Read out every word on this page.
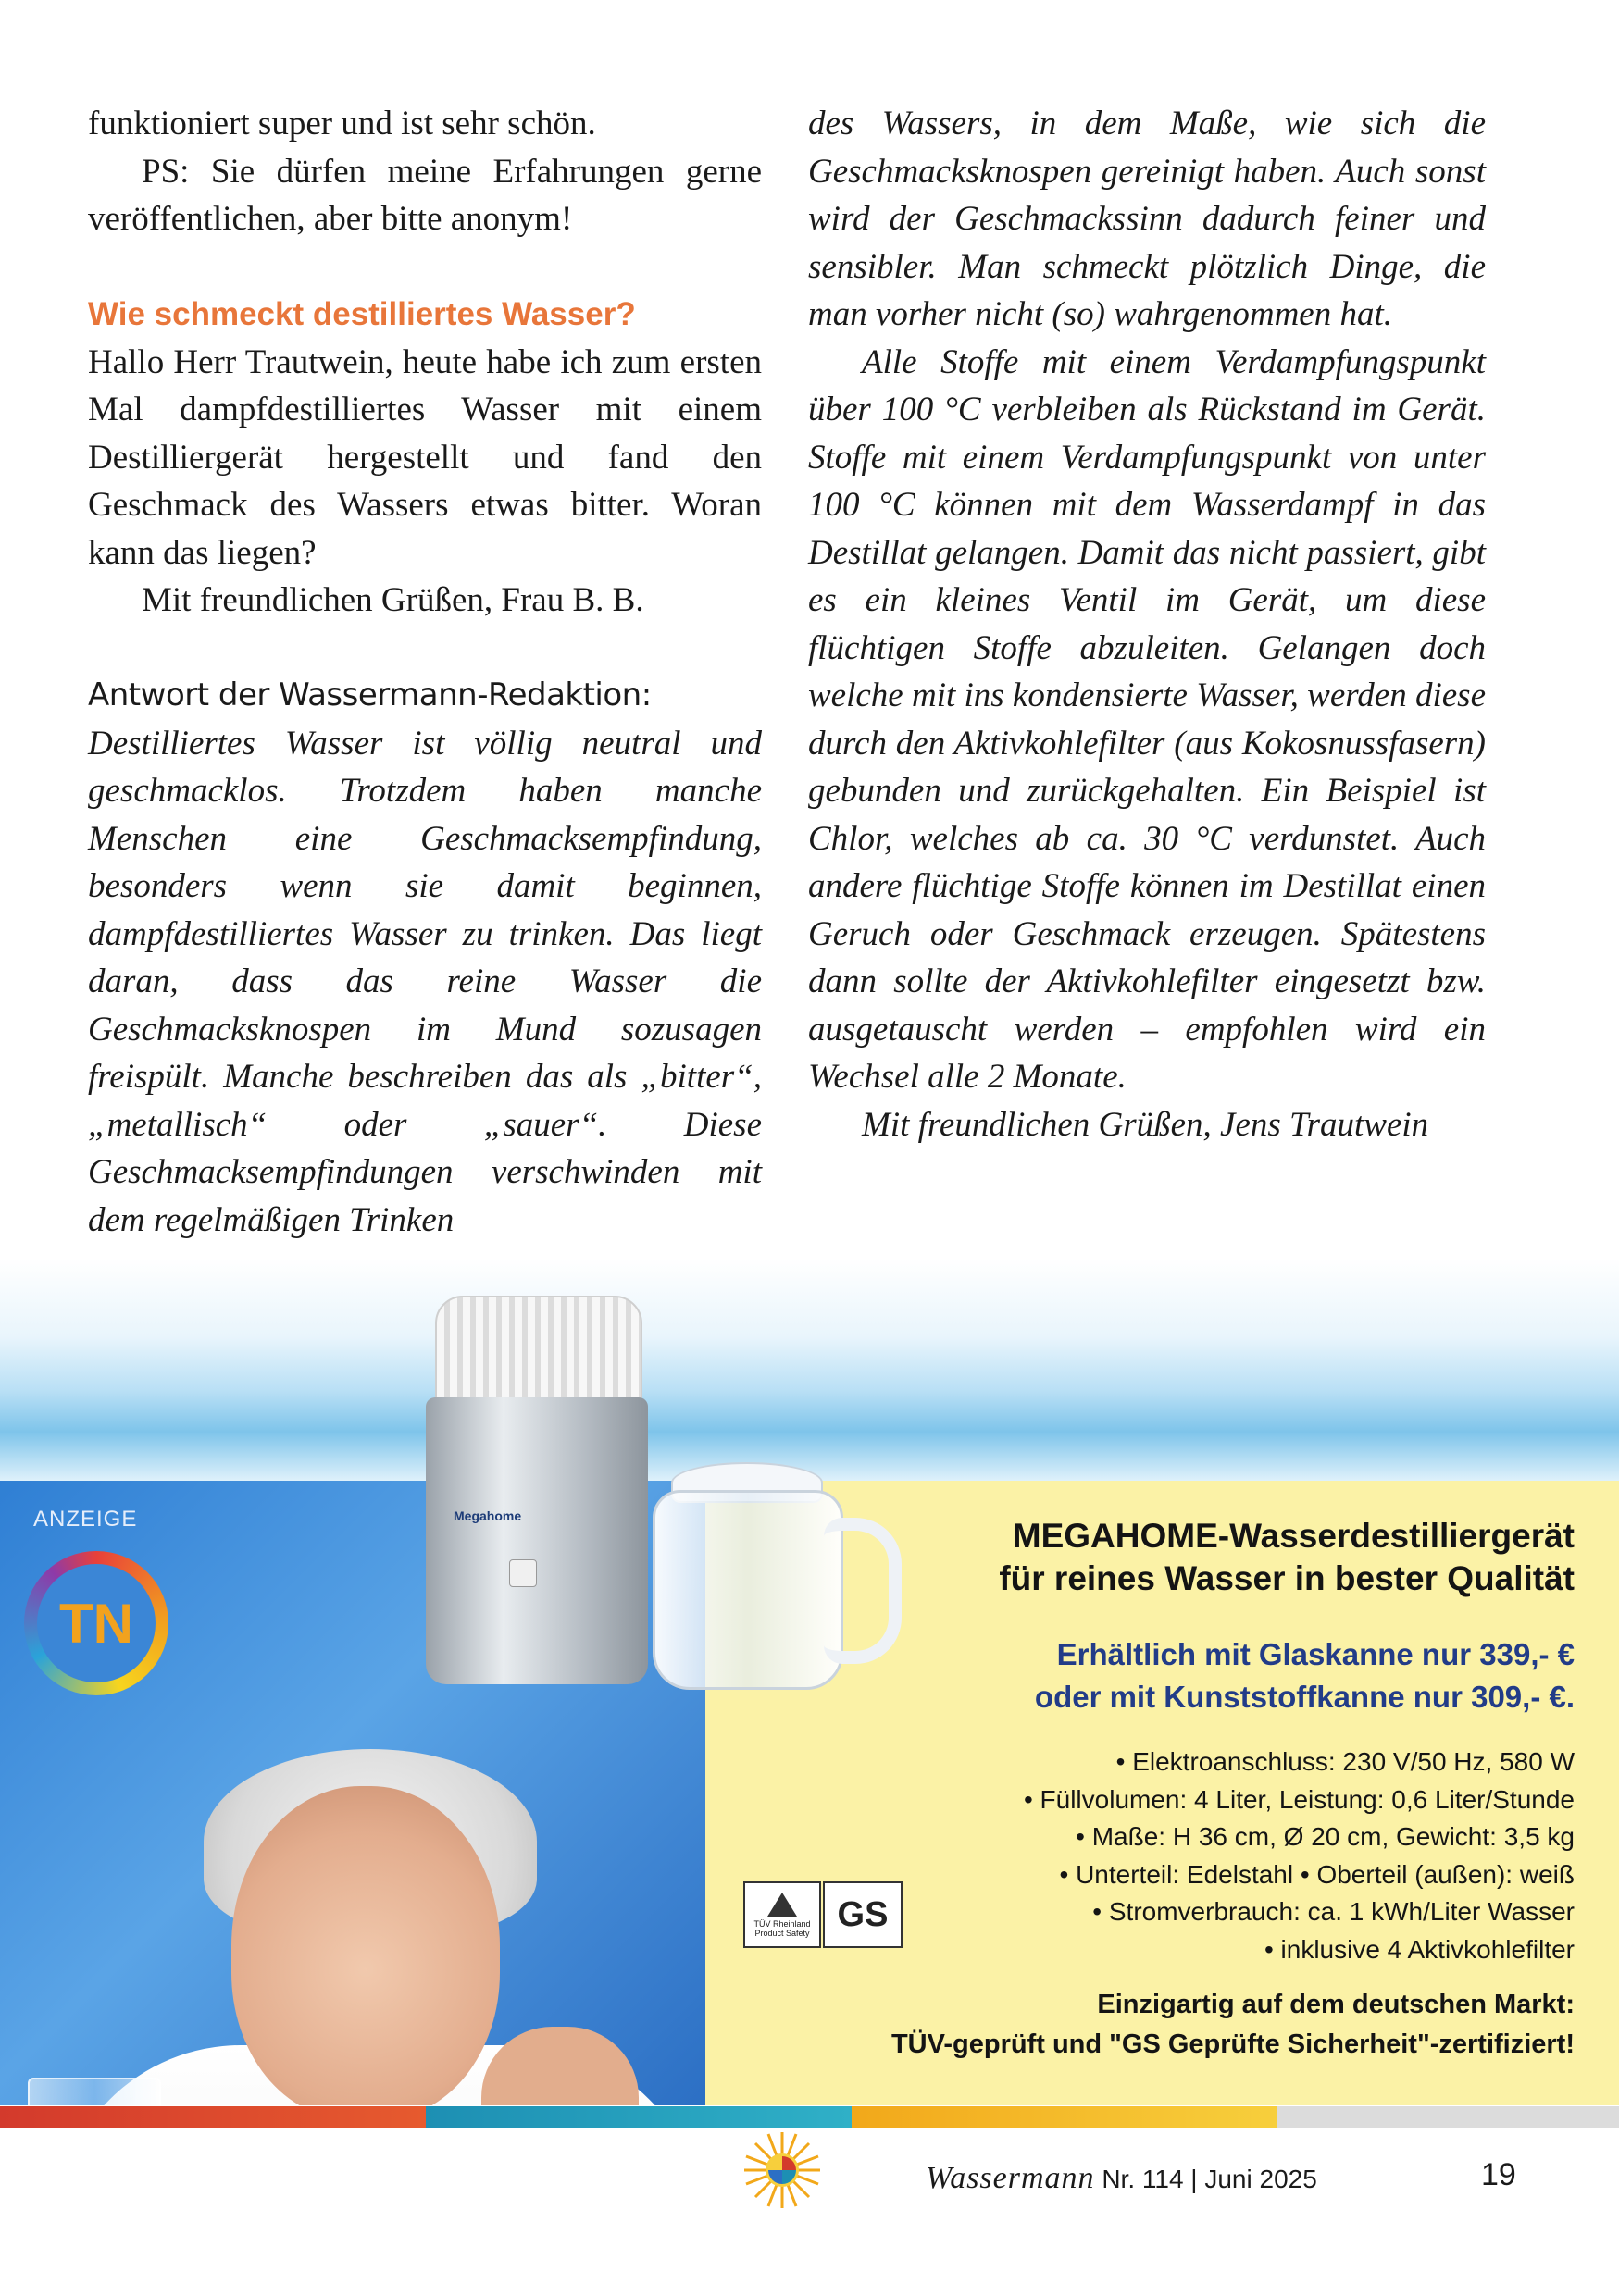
funktioniert super und ist sehr schön.

PS: Sie dürfen meine Erfahrungen gerne veröffentlichen, aber bitte anonym!

Wie schmeckt destilliertes Wasser?

Hallo Herr Trautwein, heute habe ich zum ersten Mal dampfdestilliertes Wasser mit einem Destilliergerät hergestellt und fand den Geschmack des Wassers etwas bitter. Woran kann das liegen?

Mit freundlichen Grüßen, Frau B. B.

Antwort der Wassermann-Redaktion:

Destilliertes Wasser ist völlig neutral und geschmacklos. Trotzdem haben manche Menschen eine Geschmacksempfindung, besonders wenn sie damit beginnen, dampfdestilliertes Wasser zu trinken. Das liegt daran, dass das reine Wasser die Geschmacksknospen im Mund sozusagen freispült. Manche beschreiben das als „bitter“, „metallisch“ oder „sauer“. Diese Geschmacksempfindungen verschwinden mit dem regelmäßigen Trinken

des Wassers, in dem Maße, wie sich die Geschmacksknospen gereinigt haben. Auch sonst wird der Geschmackssinn dadurch feiner und sensibler. Man schmeckt plötzlich Dinge, die man vorher nicht (so) wahrgenommen hat.

Alle Stoffe mit einem Verdampfungspunkt über 100 °C verbleiben als Rückstand im Gerät. Stoffe mit einem Verdampfungspunkt von unter 100 °C können mit dem Wasserdampf in das Destillat gelangen. Damit das nicht passiert, gibt es ein kleines Ventil im Gerät, um diese flüchtigen Stoffe abzuleiten. Gelangen doch welche mit ins kondensierte Wasser, werden diese durch den Aktivkohlefilter (aus Kokosnussfasern) gebunden und zurückgehalten. Ein Beispiel ist Chlor, welches ab ca. 30 °C verdunstet. Auch andere flüchtige Stoffe können im Destillat einen Geruch oder Geschmack erzeugen. Spätestens dann sollte der Aktivkohlefilter eingesetzt bzw. ausgetauscht werden – empfohlen wird ein Wechsel alle 2 Monate.

Mit freundlichen Grüßen, Jens Trautwein

ANZEIGE
TN
Megahome
MEGAHOME-Wasserdestilliergerät
für reines Wasser in bester Qualität
Erhältlich mit Glaskanne nur 339,- €
oder mit Kunststoffkanne nur 309,- €.
• Elektroanschluss: 230 V/50 Hz, 580 W
• Füllvolumen: 4 Liter, Leistung: 0,6 Liter/Stunde
• Maße: H 36 cm, Ø 20 cm, Gewicht: 3,5 kg
• Unterteil: Edelstahl • Oberteil (außen): weiß
• Stromverbrauch: ca. 1 kWh/Liter Wasser
• inklusive 4 Aktivkohlefilter
TÜV Rheinland Product Safety GS
Einzigartig auf dem deutschen Markt:
TÜV-geprüft und "GS Geprüfte Sicherheit"-zertifiziert!
Wassermann Nr. 114 | Juni 2025	19
